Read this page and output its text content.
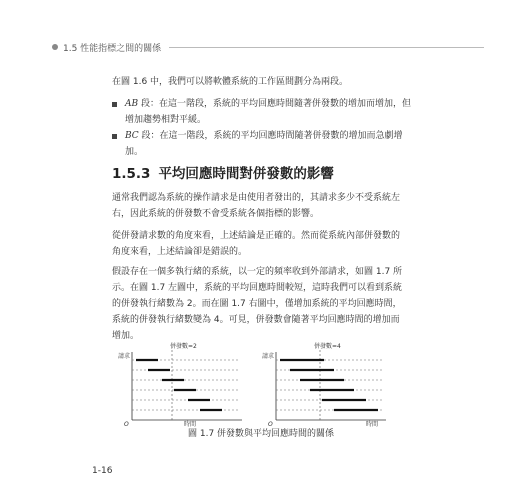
1.5 性能指標之間的關係
在圖 1.6 中，我們可以將軟體系統的工作區間劃分為兩段。
AB 段：在這一階段，系統的平均回應時間隨著併發數的增加而增加，但增加趨勢相對平緩。
BC 段：在這一階段，系統的平均回應時間隨著併發數的增加而急劇增加。
1.5.3 平均回應時間對併發數的影響
通常我們認為系統的操作請求是由使用者發出的，其請求多少不受系統左右，因此系統的併發數不會受系統各個指標的影響。
從併發請求數的角度來看，上述結論是正確的。然而從系統內部併發數的角度來看，上述結論卻是錯誤的。
假設存在一個多執行緒的系統，以一定的頻率收到外部請求，如圖 1.7 所示。在圖 1.7 左圖中，系統的平均回應時間較短，這時我們可以看到系統的併發執行緒數為 2。而在圖 1.7 右圖中，僅增加系統的平均回應時間，系統的併發執行緒數變為 4。可見，併發數會隨著平均回應時間的增加而增加。
併發數=2
請求
O	時間
併發數=4
請求
O	時間
圖 1.7 併發數與平均回應時間的關係
1-16
